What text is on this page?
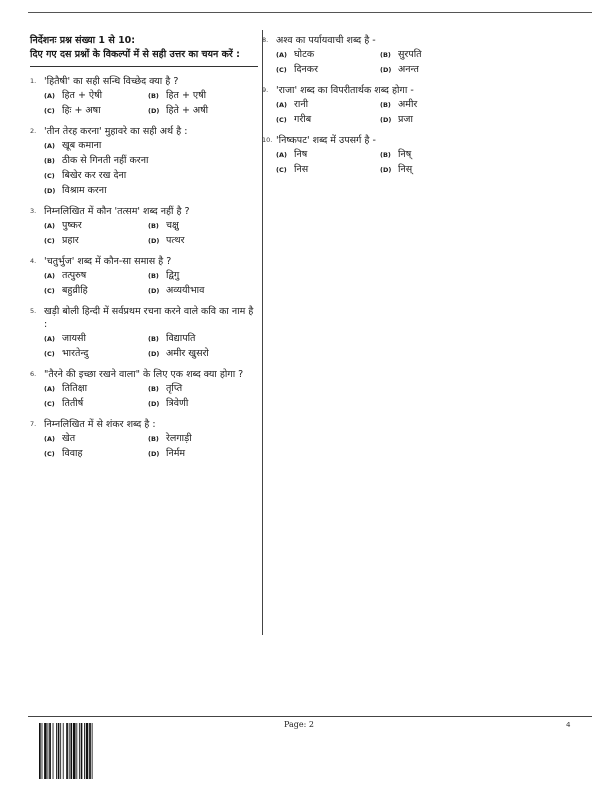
निर्देशनः प्रश्न संख्या 1 से 10:
दिए गए दस प्रश्नों के विकल्पों में से सही उत्तर का चयन करें :
1. 'हितैषी' का सही सन्धि विच्छेद क्या है ?
(A) हित + ऐषी	(B) हित + एषी
(C) हिः + अषा	(D) हिते + अषी
2. 'तीन तेरह करना' मुहावरे का सही अर्थ है :
(A) खूब कमाना
(B) ठीक से गिनती नहीं करना
(C) बिखेर कर रख देना
(D) विश्राम करना
3. निम्नलिखित में कौन 'तत्सम' शब्द नहीं है ?
(A) पुष्कर	(B) चक्षु
(C) प्रहार	(D) पत्थर
4. 'चतुर्भुज' शब्द में कौन-सा समास है ?
(A) तत्पुरुष	(B) द्विगु
(C) बहुव्रीहि	(D) अव्ययीभाव
5. खड़ी बोली हिन्दी में सर्वप्रथम रचना करने वाले कवि का नाम है :
(A) जायसी	(B) विद्यापति
(C) भारतेन्दु	(D) अमीर खुसरो
6. "तैरने की इच्छा रखने वाला" के लिए एक शब्द क्या होगा ?
(A) तितिक्षा	(B) तृप्ति
(C) तितीर्ष	(D) त्रिवेणी
7. निम्नलिखित में से शंकर शब्द है :
(A) खेत	(B) रेलगाड़ी
(C) विवाह	(D) निर्मम
8. अश्व का पर्यायवाची शब्द है -
(A) घोटक	(B) सुरपति
(C) दिनकर	(D) अनन्त
9. 'राजा' शब्द का विपरीतार्थक शब्द होगा -
(A) रानी	(B) अमीर
(C) गरीब	(D) प्रजा
10. 'निष्कपट' शब्द में उपसर्ग है -
(A) निष	(B) निष्
(C) निस	(D) निस्
Page: 2	4
